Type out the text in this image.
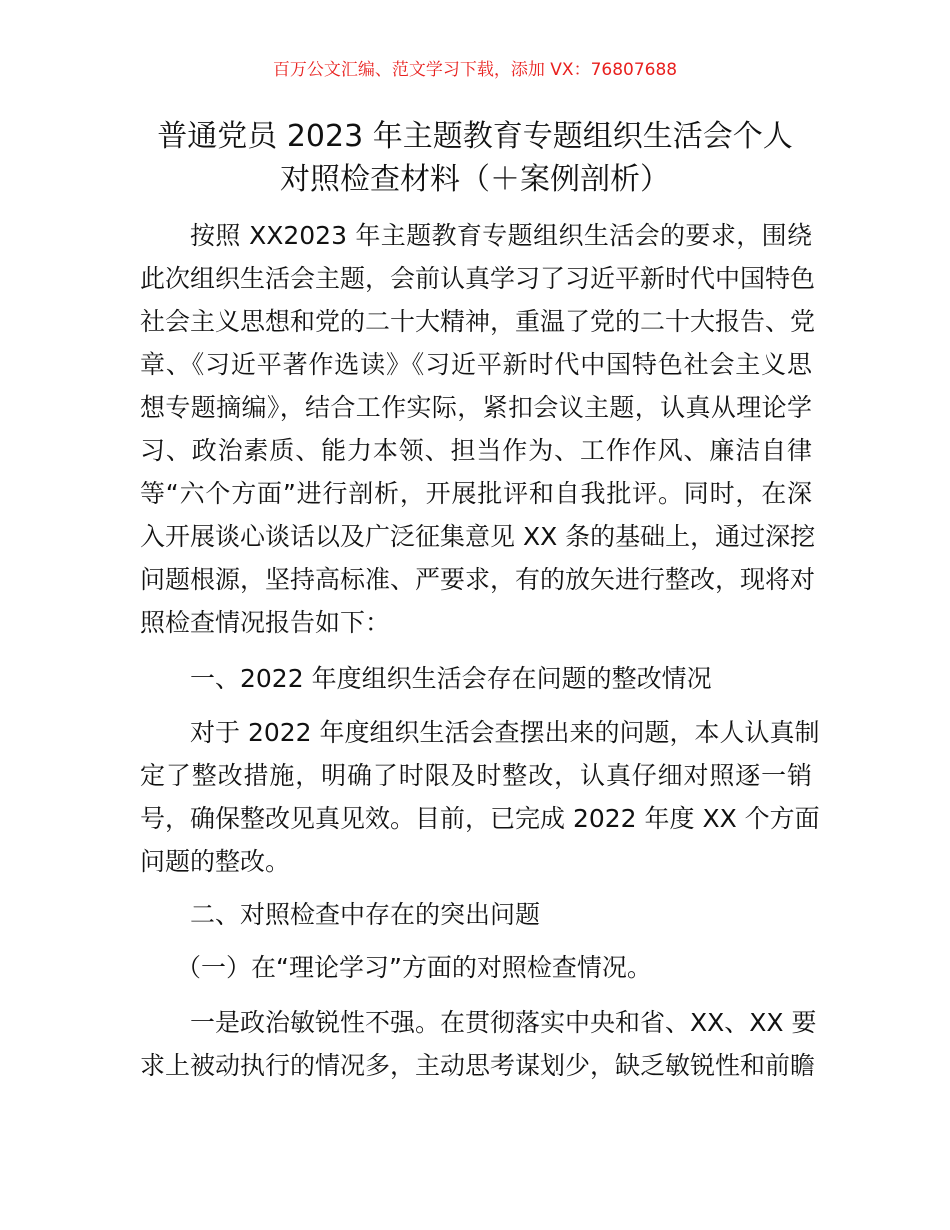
百万公文汇编、范文学习下载，添加 VX：76807688
普通党员 2023 年主题教育专题组织生活会个人
对照检查材料（＋案例剖析）
按照 XX2023 年主题教育专题组织生活会的要求，围绕
此次组织生活会主题，会前认真学习了习近平新时代中国特色
社会主义思想和党的二十大精神，重温了党的二十大报告、党
章、《习近平著作选读》《习近平新时代中国特色社会主义思
想专题摘编》，结合工作实际，紧扣会议主题，认真从理论学
习、政治素质、能力本领、担当作为、工作作风、廉洁自律
等“六个方面”进行剖析，开展批评和自我批评。同时，在深
入开展谈心谈话以及广泛征集意见 XX 条的基础上，通过深挖
问题根源，坚持高标准、严要求，有的放矢进行整改，现将对
照检查情况报告如下：
一、2022 年度组织生活会存在问题的整改情况
对于 2022 年度组织生活会查摆出来的问题，本人认真制
定了整改措施，明确了时限及时整改，认真仔细对照逐一销
号，确保整改见真见效。目前，已完成 2022 年度 XX 个方面
问题的整改。
二、对照检查中存在的突出问题
（一）在“理论学习”方面的对照检查情况。
一是政治敏锐性不强。在贯彻落实中央和省、XX、XX 要
求上被动执行的情况多，主动思考谋划少，缺乏敏锐性和前瞻
